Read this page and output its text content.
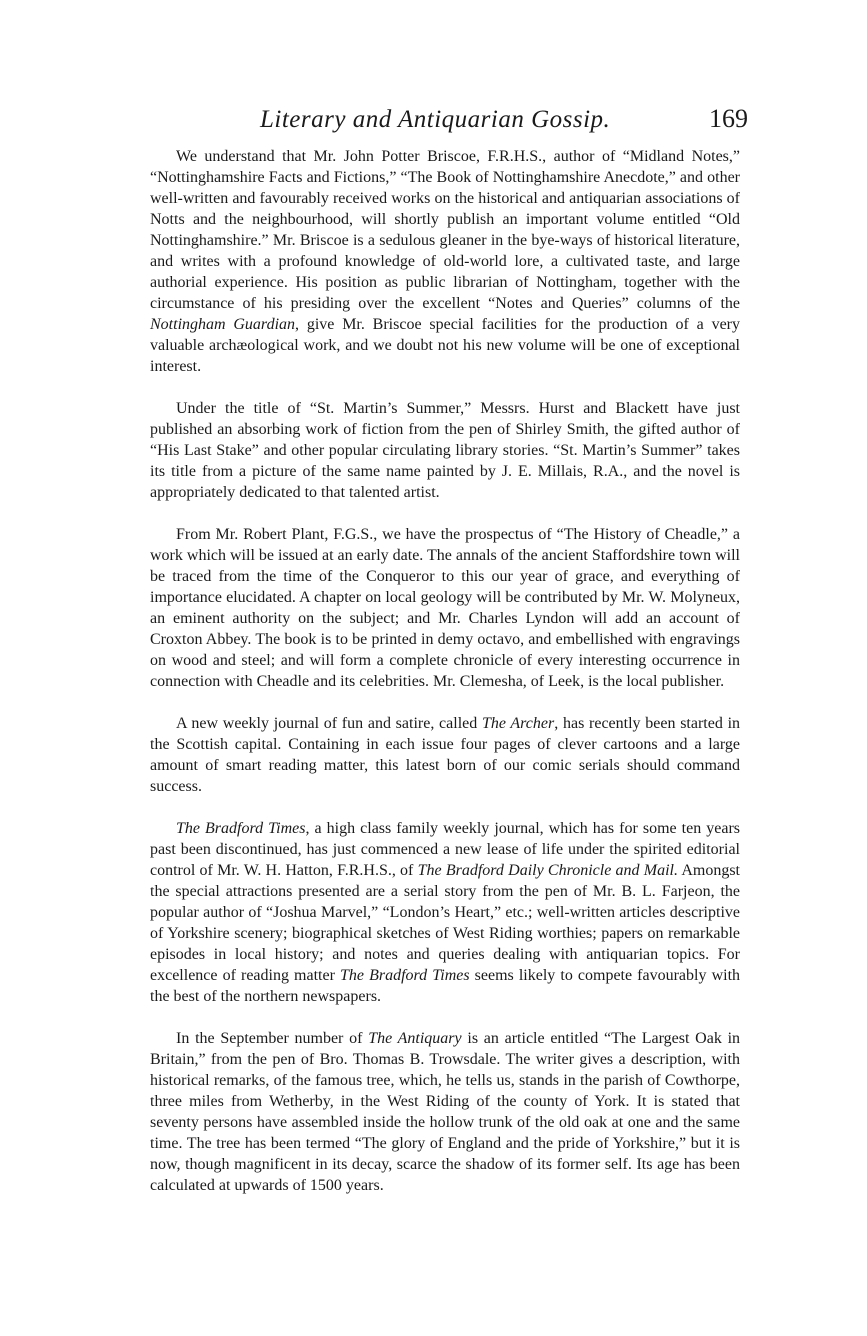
Literary and Antiquarian Gossip.	169

We understand that Mr. John Potter Briscoe, F.R.H.S., author of “Midland Notes,” “Nottinghamshire Facts and Fictions,” “The Book of Nottinghamshire Anecdote,” and other well-written and favourably received works on the historical and antiquarian associations of Notts and the neighbourhood, will shortly publish an important volume entitled “Old Nottinghamshire.” Mr. Briscoe is a sedulous gleaner in the bye-ways of historical literature, and writes with a profound knowledge of old-world lore, a cultivated taste, and large authorial experience. His position as public librarian of Nottingham, together with the circumstance of his presiding over the excellent “Notes and Queries” columns of the Nottingham Guardian, give Mr. Briscoe special facilities for the production of a very valuable archæological work, and we doubt not his new volume will be one of exceptional interest.

Under the title of “St. Martin’s Summer,” Messrs. Hurst and Blackett have just published an absorbing work of fiction from the pen of Shirley Smith, the gifted author of “His Last Stake” and other popular circulating library stories. “St. Martin’s Summer” takes its title from a picture of the same name painted by J. E. Millais, R.A., and the novel is appropriately dedicated to that talented artist.

From Mr. Robert Plant, F.G.S., we have the prospectus of “The History of Cheadle,” a work which will be issued at an early date. The annals of the ancient Staffordshire town will be traced from the time of the Conqueror to this our year of grace, and everything of importance elucidated. A chapter on local geology will be contributed by Mr. W. Molyneux, an eminent authority on the subject; and Mr. Charles Lyndon will add an account of Croxton Abbey. The book is to be printed in demy octavo, and embellished with engravings on wood and steel; and will form a complete chronicle of every interesting occurrence in connection with Cheadle and its celebrities. Mr. Clemesha, of Leek, is the local publisher.

A new weekly journal of fun and satire, called The Archer, has recently been started in the Scottish capital. Containing in each issue four pages of clever cartoons and a large amount of smart reading matter, this latest born of our comic serials should command success.

The Bradford Times, a high class family weekly journal, which has for some ten years past been discontinued, has just commenced a new lease of life under the spirited editorial control of Mr. W. H. Hatton, F.R.H.S., of The Bradford Daily Chronicle and Mail. Amongst the special attractions presented are a serial story from the pen of Mr. B. L. Farjeon, the popular author of “Joshua Marvel,” “London’s Heart,” etc.; well-written articles descriptive of Yorkshire scenery; biographical sketches of West Riding worthies; papers on remarkable episodes in local history; and notes and queries dealing with antiquarian topics. For excellence of reading matter The Bradford Times seems likely to compete favourably with the best of the northern newspapers.

In the September number of The Antiquary is an article entitled “The Largest Oak in Britain,” from the pen of Bro. Thomas B. Trowsdale. The writer gives a description, with historical remarks, of the famous tree, which, he tells us, stands in the parish of Cowthorpe, three miles from Wetherby, in the West Riding of the county of York. It is stated that seventy persons have assembled inside the hollow trunk of the old oak at one and the same time. The tree has been termed “The glory of England and the pride of Yorkshire,” but it is now, though magnificent in its decay, scarce the shadow of its former self. Its age has been calculated at upwards of 1500 years.
